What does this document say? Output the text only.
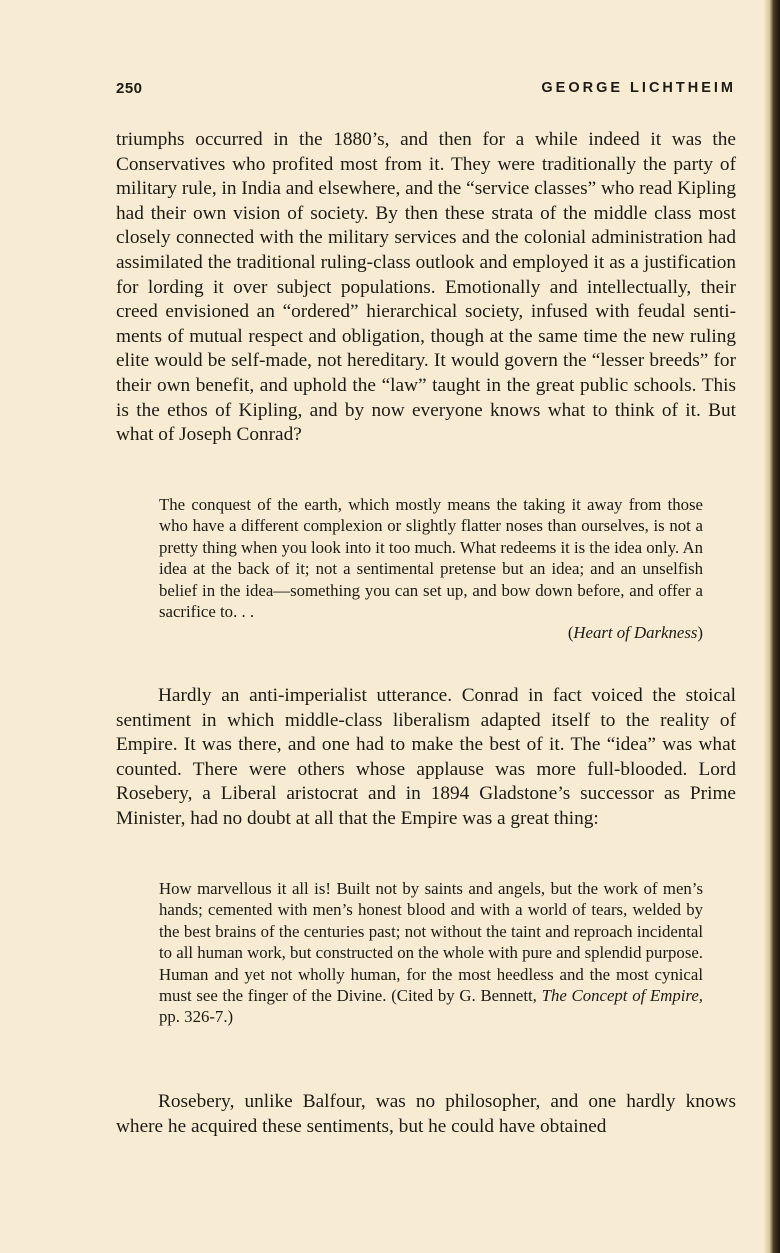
250	GEORGE LICHTHEIM

triumphs occurred in the 1880’s, and then for a while indeed it was the Conservatives who profited most from it. They were traditionally the party of military rule, in India and elsewhere, and the “service classes” who read Kipling had their own vision of society. By then these strata of the middle class most closely connected with the military services and the colonial administration had assimilated the traditional ruling-class outlook and employed it as a justification for lording it over subject populations. Emotionally and intellectually, their creed envisioned an “ordered” hierarchical society, infused with feudal sentiments of mutual respect and obligation, though at the same time the new ruling elite would be self-made, not hereditary. It would govern the “lesser breeds” for their own benefit, and uphold the “law” taught in the great public schools. This is the ethos of Kipling, and by now everyone knows what to think of it. But what of Joseph Conrad?

The conquest of the earth, which mostly means the taking it away from those who have a different complexion or slightly flatter noses than ourselves, is not a pretty thing when you look into it too much. What redeems it is the idea only. An idea at the back of it; not a sentimental pretense but an idea; and an unselfish belief in the idea—something you can set up, and bow down before, and offer a sacrifice to. . .

(Heart of Darkness)

Hardly an anti-imperialist utterance. Conrad in fact voiced the stoical sentiment in which middle-class liberalism adapted itself to the reality of Empire. It was there, and one had to make the best of it. The “idea” was what counted. There were others whose applause was more full-blooded. Lord Rosebery, a Liberal aristocrat and in 1894 Gladstone’s successor as Prime Minister, had no doubt at all that the Empire was a great thing:

How marvellous it all is! Built not by saints and angels, but the work of men’s hands; cemented with men’s honest blood and with a world of tears, welded by the best brains of the centuries past; not without the taint and reproach incidental to all human work, but constructed on the whole with pure and splendid purpose. Human and yet not wholly human, for the most heedless and the most cynical must see the finger of the Divine. (Cited by G. Bennett, The Concept of Empire, pp. 326-7.)

Rosebery, unlike Balfour, was no philosopher, and one hardly knows where he acquired these sentiments, but he could have obtained
